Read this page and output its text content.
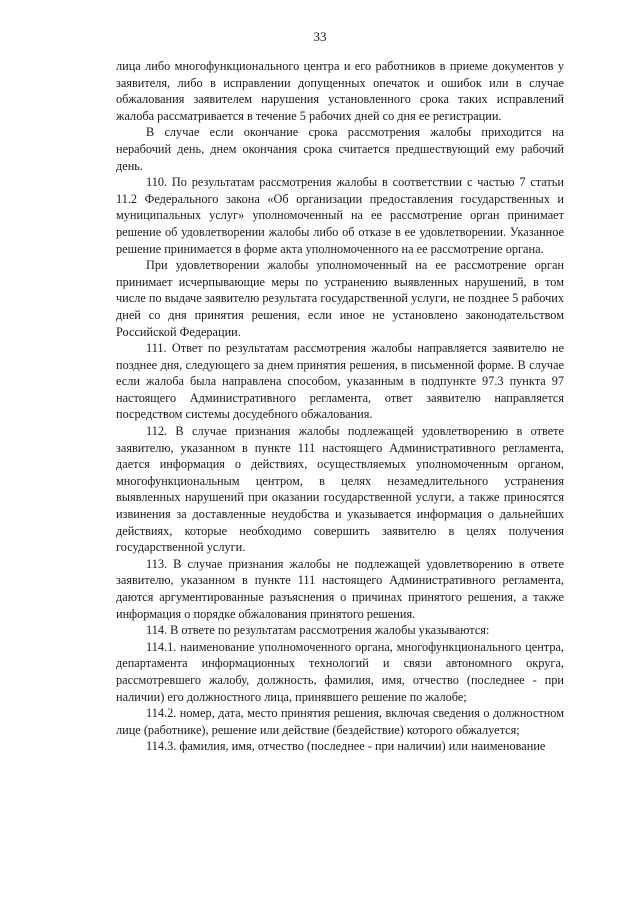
33

лица либо многофункционального центра и его работников в приеме документов у заявителя, либо в исправлении допущенных опечаток и ошибок или в случае обжалования заявителем нарушения установленного срока таких исправлений жалоба рассматривается в течение 5 рабочих дней со дня ее регистрации.

В случае если окончание срока рассмотрения жалобы приходится на нерабочий день, днем окончания срока считается предшествующий ему рабочий день.

110. По результатам рассмотрения жалобы в соответствии с частью 7 статьи 11.2 Федерального закона «Об организации предоставления государственных и муниципальных услуг» уполномоченный на ее рассмотрение орган принимает решение об удовлетворении жалобы либо об отказе в ее удовлетворении. Указанное решение принимается в форме акта уполномоченного на ее рассмотрение органа.

При удовлетворении жалобы уполномоченный на ее рассмотрение орган принимает исчерпывающие меры по устранению выявленных нарушений, в том числе по выдаче заявителю результата государственной услуги, не позднее 5 рабочих дней со дня принятия решения, если иное не установлено законодательством Российской Федерации.

111. Ответ по результатам рассмотрения жалобы направляется заявителю не позднее дня, следующего за днем принятия решения, в письменной форме. В случае если жалоба была направлена способом, указанным в подпункте 97.3 пункта 97 настоящего Административного регламента, ответ заявителю направляется посредством системы досудебного обжалования.

112. В случае признания жалобы подлежащей удовлетворению в ответе заявителю, указанном в пункте 111 настоящего Административного регламента, дается информация о действиях, осуществляемых уполномоченным органом, многофункциональным центром, в целях незамедлительного устранения выявленных нарушений при оказании государственной услуги, а также приносятся извинения за доставленные неудобства и указывается информация о дальнейших действиях, которые необходимо совершить заявителю в целях получения государственной услуги.

113. В случае признания жалобы не подлежащей удовлетворению в ответе заявителю, указанном в пункте 111 настоящего Административного регламента, даются аргументированные разъяснения о причинах принятого решения, а также информация о порядке обжалования принятого решения.

114. В ответе по результатам рассмотрения жалобы указываются:

114.1. наименование уполномоченного органа, многофункционального центра, департамента информационных технологий и связи автономного округа, рассмотревшего жалобу, должность, фамилия, имя, отчество (последнее - при наличии) его должностного лица, принявшего решение по жалобе;

114.2. номер, дата, место принятия решения, включая сведения о должностном лице (работнике), решение или действие (бездействие) которого обжалуется;

114.3. фамилия, имя, отчество (последнее - при наличии) или наименование
